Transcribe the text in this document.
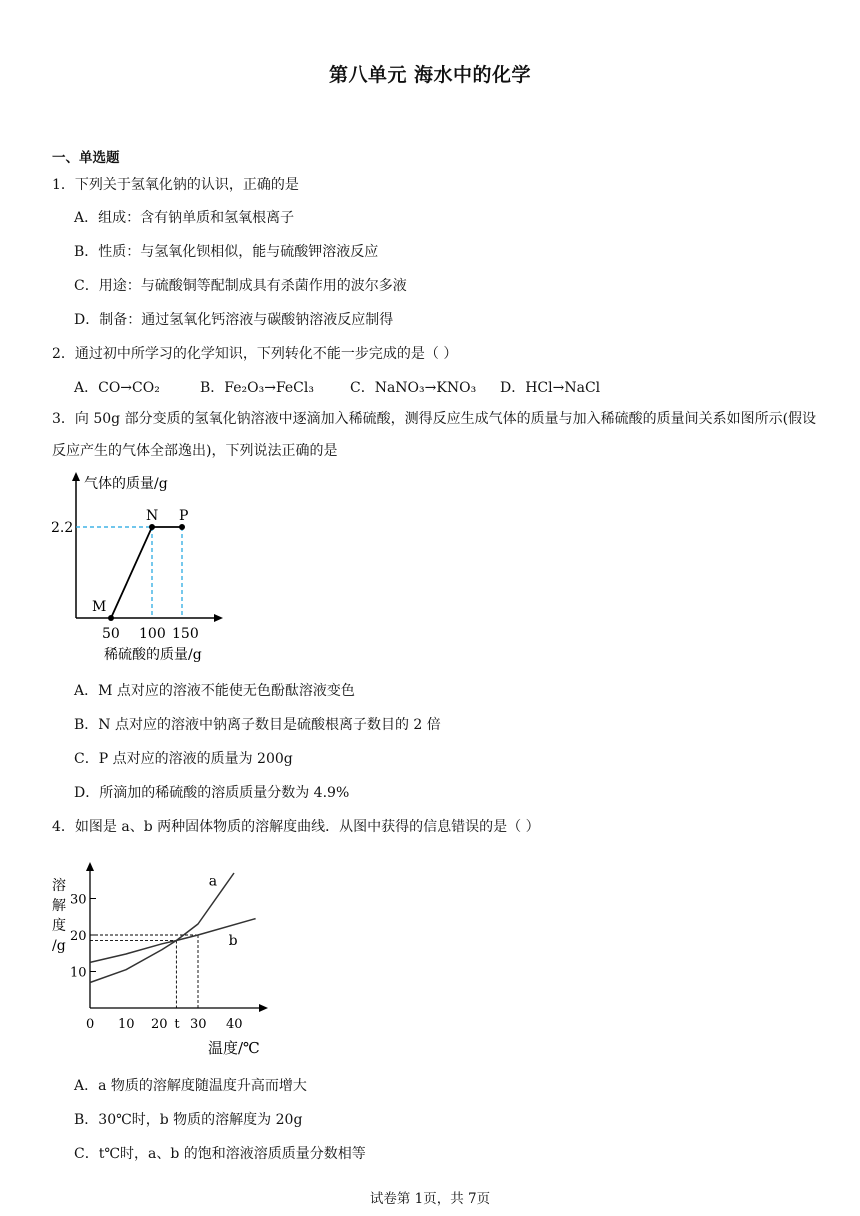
第八单元 海水中的化学
一、单选题
1．下列关于氢氧化钠的认识，正确的是
A．组成：含有钠单质和氢氧根离子
B．性质：与氢氧化钡相似，能与硫酸钾溶液反应
C．用途：与硫酸铜等配制成具有杀菌作用的波尔多液
D．制备：通过氢氧化钙溶液与碳酸钠溶液反应制得
2．通过初中所学习的化学知识，下列转化不能一步完成的是（ ）
A．CO→CO₂	B．Fe₂O₃→FeCl₃	C．NaNO₃→KNO₃ D．HCl→NaCl
3．向 50g 部分变质的氢氧化钠溶液中逐滴加入稀硫酸，测得反应生成气体的质量与加入稀硫酸的质量间关系如图所示(假设反应产生的气体全部逸出)，下列说法正确的是
气体的质量/g
2.2
M
N P
50 100 150
稀硫酸的质量/g
A．M 点对应的溶液不能使无色酚酞溶液变色
B．N 点对应的溶液中钠离子数目是硫酸根离子数目的 2 倍
C．P 点对应的溶液的质量为 200g
D．所滴加的稀硫酸的溶质质量分数为 4.9%
4．如图是 a、b 两种固体物质的溶解度曲线．从图中获得的信息错误的是（ ）
10
20
30
0 10 20 t 30 40
a
b
溶
解
度
/g
温度/℃
A．a 物质的溶解度随温度升高而增大
B．30℃时，b 物质的溶解度为 20g
C．t℃时，a、b 的饱和溶液溶质质量分数相等
试卷第 1页，共 7页
